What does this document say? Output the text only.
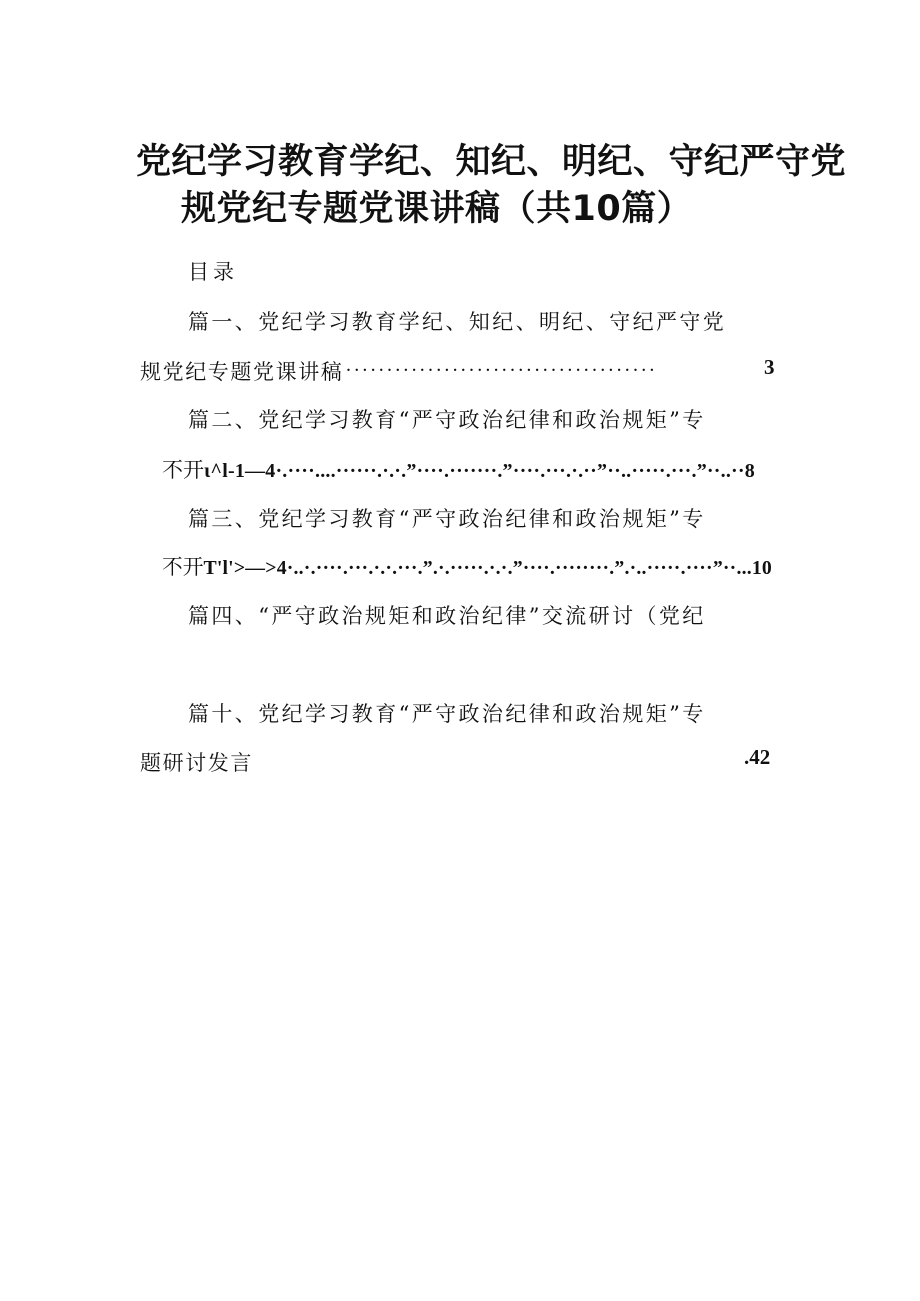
党纪学习教育学纪、知纪、明纪、守纪严守党
规党纪专题党课讲稿（共10篇）
目录
篇一、党纪学习教育学纪、知纪、明纪、守纪严守党
规党纪专题党课讲稿 ......................................	3
篇二、党纪学习教育“严守政治纪律和政治规矩”专
不开ι^l-1—4·.····....······.·.·.”····.·······.”····.···.·.··”··..·····.···.”··..··8
篇三、党纪学习教育“严守政治纪律和政治规矩”专
不开T'l'>—>4·..·.····.···.·.·.···.”.·.·····.·.·.”····.········.”.·..·····.····”··...10
篇四、“严守政治规矩和政治纪律”交流研讨（党纪
篇十、党纪学习教育“严守政治纪律和政治规矩”专
题研讨发言	.42
